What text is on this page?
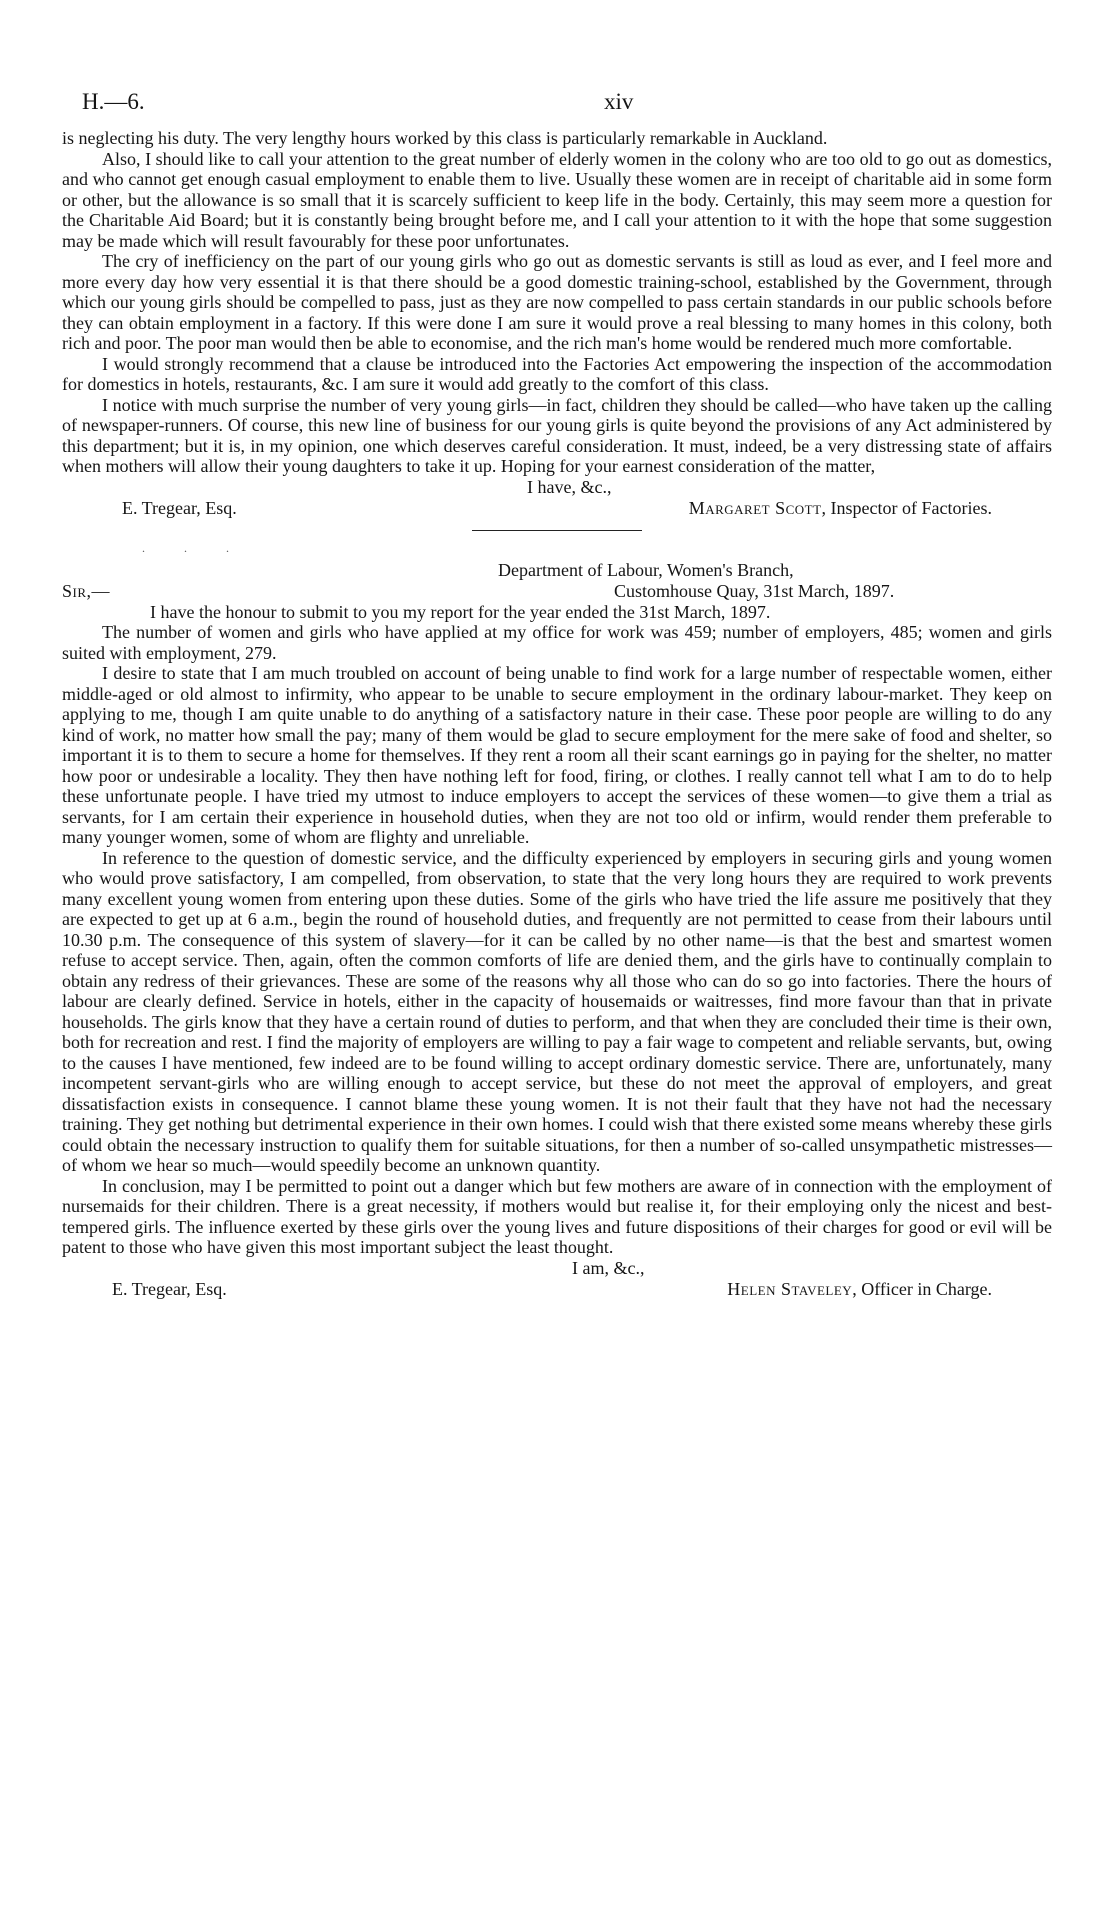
H.—6.	xiv

is neglecting his duty. The very lengthy hours worked by this class is particularly remarkable in Auckland.

Also, I should like to call your attention to the great number of elderly women in the colony who are too old to go out as domestics, and who cannot get enough casual employment to enable them to live. Usually these women are in receipt of charitable aid in some form or other, but the allowance is so small that it is scarcely sufficient to keep life in the body. Certainly, this may seem more a question for the Charitable Aid Board; but it is constantly being brought before me, and I call your attention to it with the hope that some suggestion may be made which will result favourably for these poor unfortunates.

The cry of inefficiency on the part of our young girls who go out as domestic servants is still as loud as ever, and I feel more and more every day how very essential it is that there should be a good domestic training-school, established by the Government, through which our young girls should be compelled to pass, just as they are now compelled to pass certain standards in our public schools before they can obtain employment in a factory. If this were done I am sure it would prove a real blessing to many homes in this colony, both rich and poor. The poor man would then be able to economise, and the rich man's home would be rendered much more comfortable.

I would strongly recommend that a clause be introduced into the Factories Act empowering the inspection of the accommodation for domestics in hotels, restaurants, &c. I am sure it would add greatly to the comfort of this class.

I notice with much surprise the number of very young girls—in fact, children they should be called—who have taken up the calling of newspaper-runners. Of course, this new line of business for our young girls is quite beyond the provisions of any Act administered by this department; but it is, in my opinion, one which deserves careful consideration. It must, indeed, be a very distressing state of affairs when mothers will allow their young daughters to take it up. Hoping for your earnest consideration of the matter,

I have, &c.,
E. Tregear, Esq.	Margaret Scott, Inspector of Factories.
. . .
Department of Labour, Women's Branch,
Sir,—	Customhouse Quay, 31st March, 1897.

I have the honour to submit to you my report for the year ended the 31st March, 1897.

The number of women and girls who have applied at my office for work was 459; number of employers, 485; women and girls suited with employment, 279.

I desire to state that I am much troubled on account of being unable to find work for a large number of respectable women, either middle-aged or old almost to infirmity, who appear to be unable to secure employment in the ordinary labour-market. They keep on applying to me, though I am quite unable to do anything of a satisfactory nature in their case. These poor people are willing to do any kind of work, no matter how small the pay; many of them would be glad to secure employment for the mere sake of food and shelter, so important it is to them to secure a home for themselves. If they rent a room all their scant earnings go in paying for the shelter, no matter how poor or undesirable a locality. They then have nothing left for food, firing, or clothes. I really cannot tell what I am to do to help these unfortunate people. I have tried my utmost to induce employers to accept the services of these women—to give them a trial as servants, for I am certain their experience in household duties, when they are not too old or infirm, would render them preferable to many younger women, some of whom are flighty and unreliable.

In reference to the question of domestic service, and the difficulty experienced by employers in securing girls and young women who would prove satisfactory, I am compelled, from observation, to state that the very long hours they are required to work prevents many excellent young women from entering upon these duties. Some of the girls who have tried the life assure me positively that they are expected to get up at 6 a.m., begin the round of household duties, and frequently are not permitted to cease from their labours until 10.30 p.m. The consequence of this system of slavery—for it can be called by no other name—is that the best and smartest women refuse to accept service. Then, again, often the common comforts of life are denied them, and the girls have to continually complain to obtain any redress of their grievances. These are some of the reasons why all those who can do so go into factories. There the hours of labour are clearly defined. Service in hotels, either in the capacity of housemaids or waitresses, find more favour than that in private households. The girls know that they have a certain round of duties to perform, and that when they are concluded their time is their own, both for recreation and rest. I find the majority of employers are willing to pay a fair wage to competent and reliable servants, but, owing to the causes I have mentioned, few indeed are to be found willing to accept ordinary domestic service. There are, unfortunately, many incompetent servant-girls who are willing enough to accept service, but these do not meet the approval of employers, and great dissatisfaction exists in consequence. I cannot blame these young women. It is not their fault that they have not had the necessary training. They get nothing but detrimental experience in their own homes. I could wish that there existed some means whereby these girls could obtain the necessary instruction to qualify them for suitable situations, for then a number of so-called unsympathetic mistresses—of whom we hear so much—would speedily become an unknown quantity.

In conclusion, may I be permitted to point out a danger which but few mothers are aware of in connection with the employment of nursemaids for their children. There is a great necessity, if mothers would but realise it, for their employing only the nicest and best-tempered girls. The influence exerted by these girls over the young lives and future dispositions of their charges for good or evil will be patent to those who have given this most important subject the least thought.

I am, &c.,
E. Tregear, Esq.	Helen Staveley, Officer in Charge.
